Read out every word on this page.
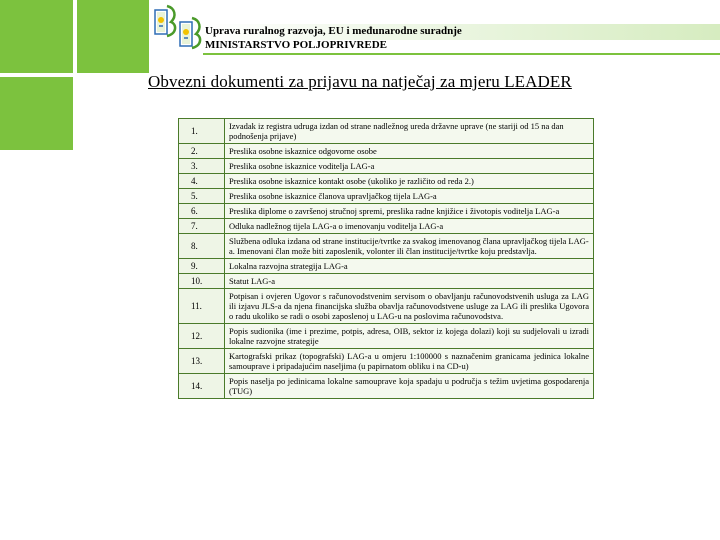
Uprava ruralnog razvoja, EU i međunarodne suradnje
MINISTARSTVO POLJOPRIVREDE
Obvezni dokumenti za prijavu na natječaj za mjeru LEADER
1.	Izvadak iz registra udruga izdan od strane nadležnog ureda državne uprave (ne stariji od 15 na dan podnošenja prijave)
2.	Preslika osobne iskaznice odgovorne osobe
3.	Preslika osobne iskaznice voditelja LAG-a
4.	Preslika osobne iskaznice kontakt osobe (ukoliko je različito od reda 2.)
5.	Preslika osobne iskaznice članova upravljačkog tijela LAG-a
6.	Preslika diplome o završenoj stručnoj spremi, preslika radne knjižice i životopis voditelja LAG-a
7.	Odluka nadležnog tijela LAG-a o imenovanju voditelja LAG-a
8.	Službena odluka izdana od strane institucije/tvrtke za svakog imenovanog člana upravljačkog tijela LAG-a. Imenovani član može biti zaposlenik, volonter ili član institucije/tvrtke koju predstavlja.
9.	Lokalna razvojna strategija LAG-a
10.	Statut LAG-a
11.	Potpisan i ovjeren Ugovor s računovodstvenim servisom o obavljanju računovodstvenih usluga za LAG ili izjavu JLS-a da njena financijska služba obavlja računovodstvene usluge za LAG ili preslika Ugovora o radu ukoliko se radi o osobi zaposlenoj u LAG-u na poslovima računovodstva.
12.	Popis sudionika (ime i prezime, potpis, adresa, OIB, sektor iz kojega dolazi) koji su sudjelovali u izradi lokalne razvojne strategije
13.	Kartografski prikaz (topografski) LAG-a u omjeru 1:100000 s naznačenim granicama jedinica lokalne samouprave i pripadajućim naseljima (u papirnatom obliku i na CD-u)
14.	Popis naselja po jedinicama lokalne samouprave koja spadaju u područja s težim uvjetima gospodarenja (TUG)
